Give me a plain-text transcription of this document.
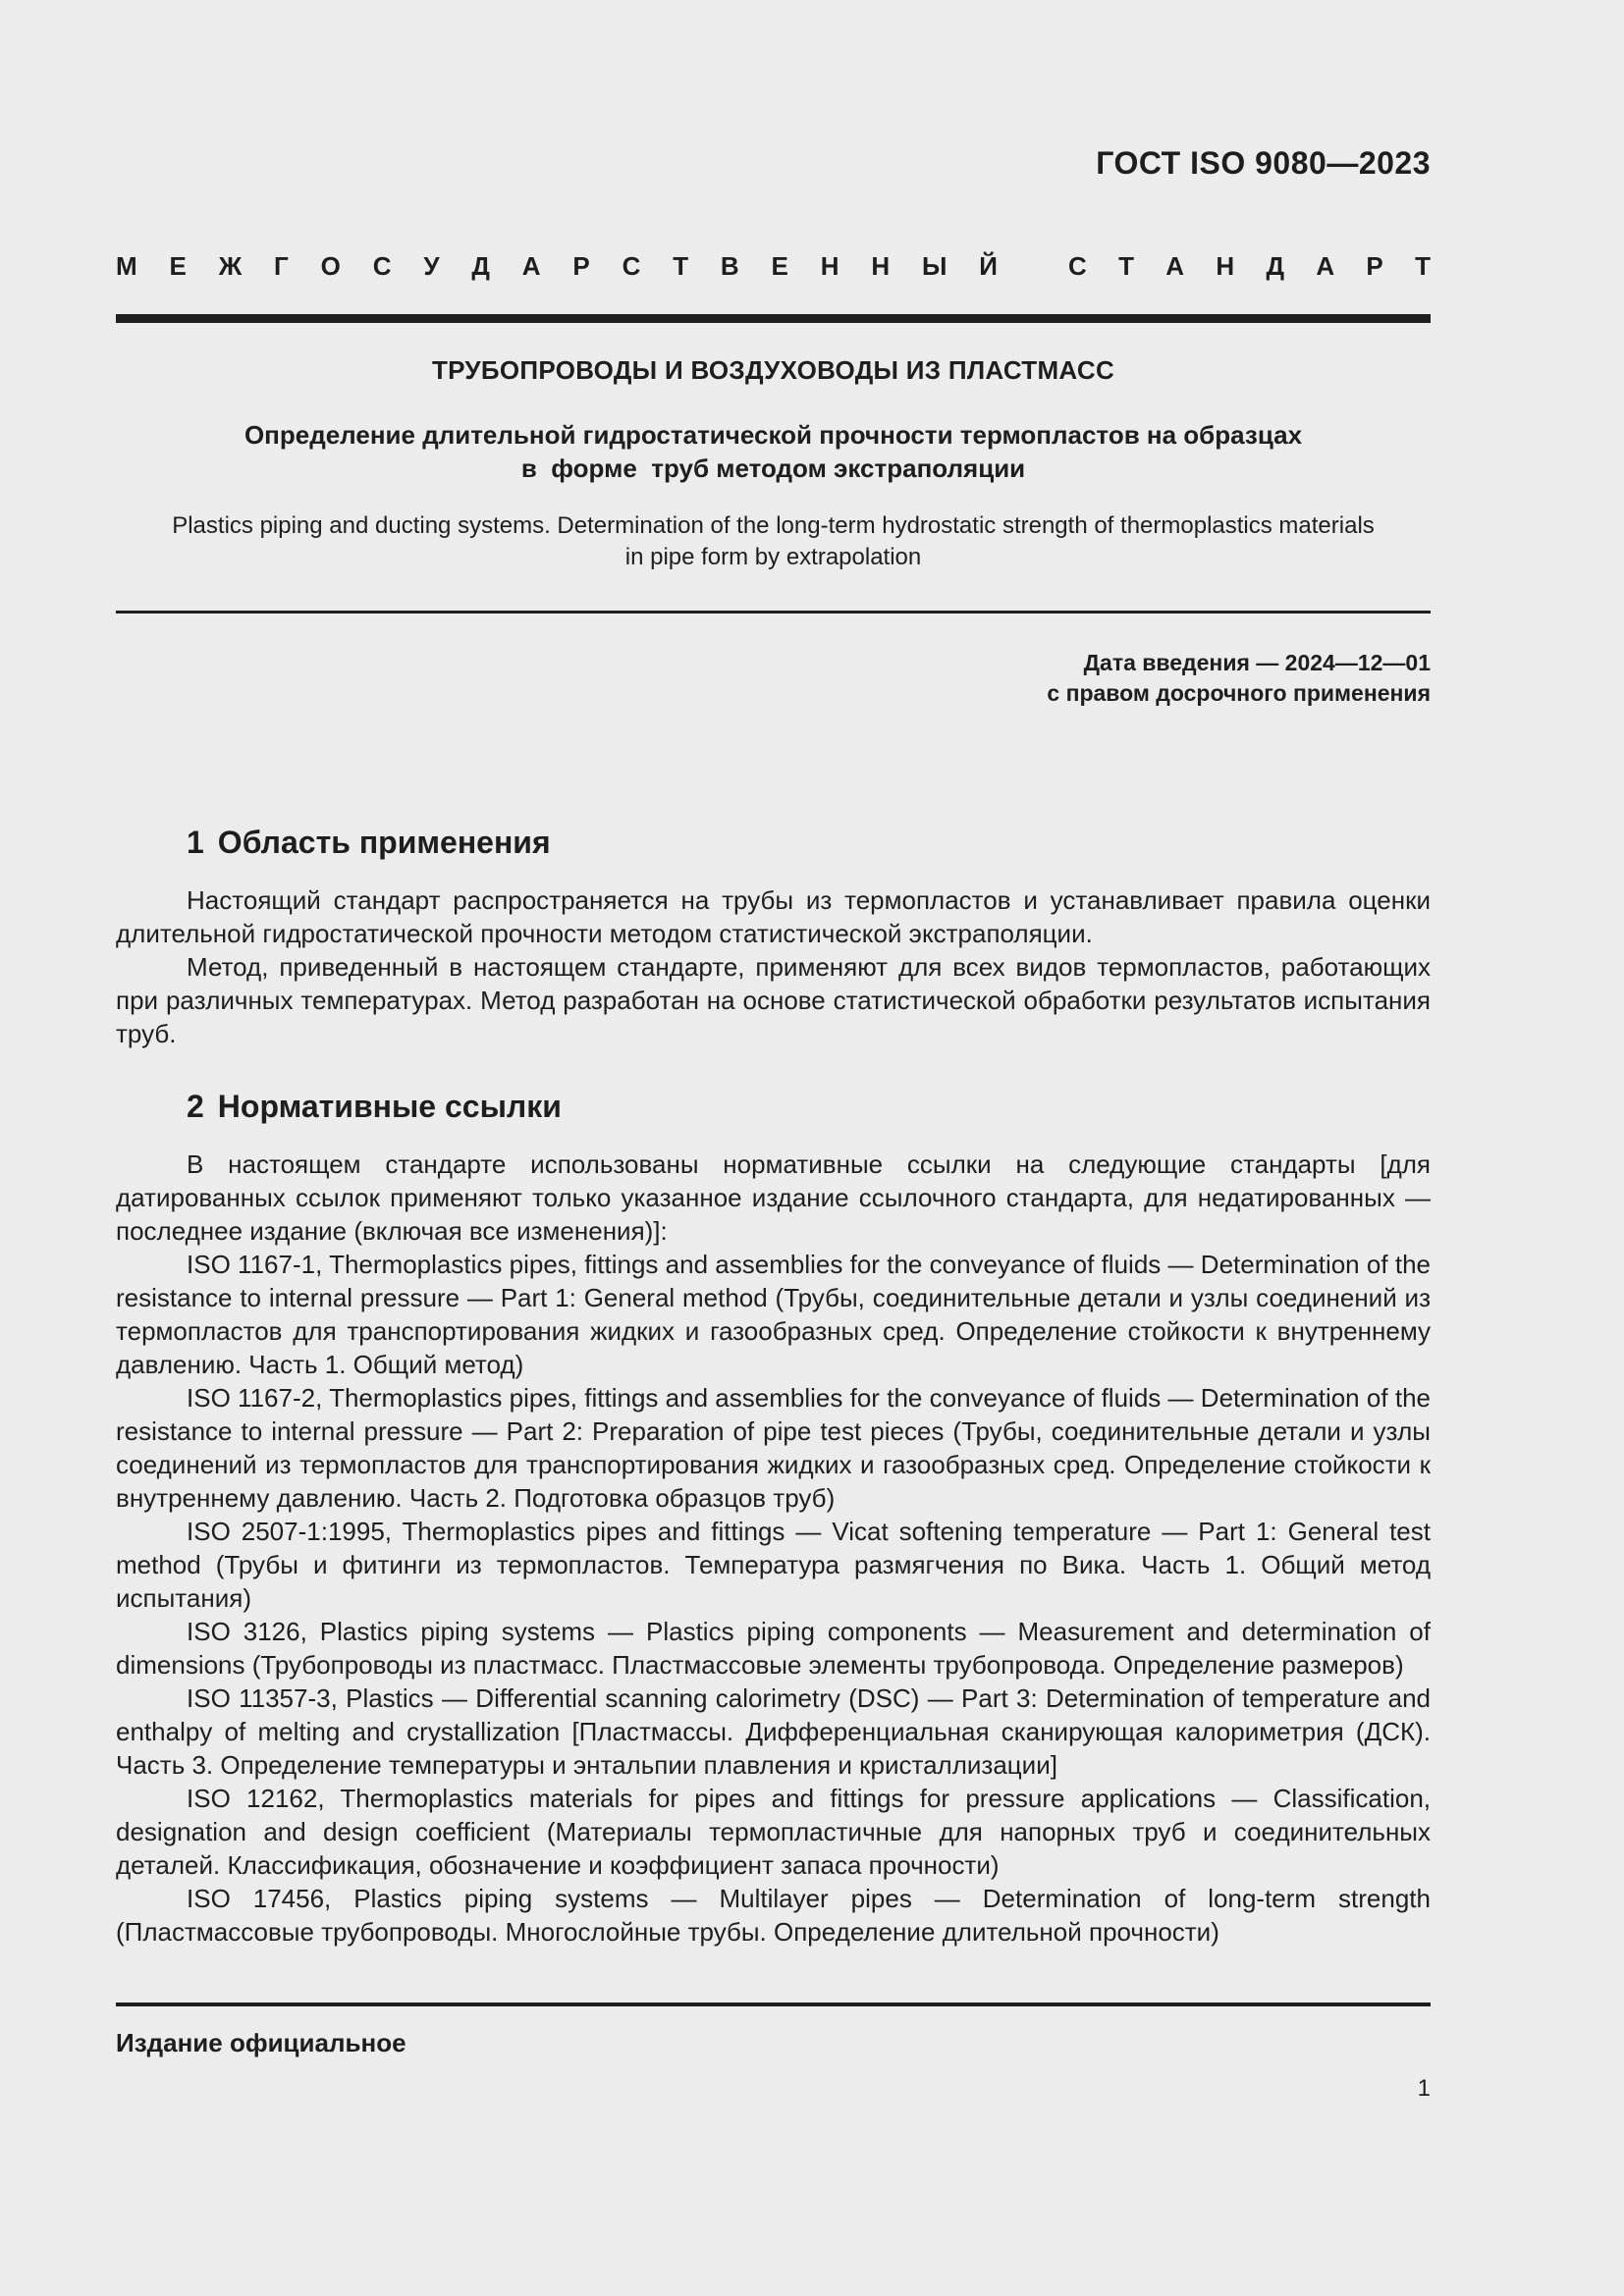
ГОСТ ISO 9080—2023
М Е Ж Г О С У Д А Р С Т В Е Н Н Ы Й	С Т А Н Д А Р Т
ТРУБОПРОВОДЫ И ВОЗДУХОВОДЫ ИЗ ПЛАСТМАСС
Определение длительной гидростатической прочности термопластов на образцах
в  форме  труб методом экстраполяции
Plastics piping and ducting systems. Determination of the long-term hydrostatic strength of thermoplastics materials
in pipe form by extrapolation
Дата введения — 2024—12—01
с правом досрочного применения
1 Область применения

Настоящий стандарт распространяется на трубы из термопластов и устанавливает правила оценки длительной гидростатической прочности методом статистической экстраполяции.

Метод, приведенный в настоящем стандарте, применяют для всех видов термопластов, работающих при различных температурах. Метод разработан на основе статистической обработки результатов испытания труб.

2 Нормативные ссылки

В настоящем стандарте использованы нормативные ссылки на следующие стандарты [для датированных ссылок применяют только указанное издание ссылочного стандарта, для недатированных — последнее издание (включая все изменения)]:

ISO 1167-1, Thermoplastics pipes, fittings and assemblies for the conveyance of fluids — Determination of the resistance to internal pressure — Part 1: General method (Трубы, соединительные детали и узлы соединений из термопластов для транспортирования жидких и газообразных сред. Определение стойкости к внутреннему давлению. Часть 1. Общий метод)

ISO 1167-2, Thermoplastics pipes, fittings and assemblies for the conveyance of fluids — Determination of the resistance to internal pressure — Part 2: Preparation of pipe test pieces (Трубы, соединительные детали и узлы соединений из термопластов для транспортирования жидких и газообразных сред. Определение стойкости к внутреннему давлению. Часть 2. Подготовка образцов труб)

ISO 2507-1:1995, Thermoplastics pipes and fittings — Vicat softening temperature — Part 1: General test method (Трубы и фитинги из термопластов. Температура размягчения по Вика. Часть 1. Общий метод испытания)

ISO 3126, Plastics piping systems — Plastics piping components — Measurement and determination of dimensions (Трубопроводы из пластмасс. Пластмассовые элементы трубопровода. Определение размеров)

ISO 11357-3, Plastics — Differential scanning calorimetry (DSC) — Part 3: Determination of temperature and enthalpy of melting and crystallization [Пластмассы. Дифференциальная сканирующая калориметрия (ДСК). Часть 3. Определение температуры и энтальпии плавления и кристаллизации]

ISO 12162, Thermoplastics materials for pipes and fittings for pressure applications — Classification, designation and design coefficient (Материалы термопластичные для напорных труб и соединительных деталей. Классификация, обозначение и коэффициент запаса прочности)

ISO 17456, Plastics piping systems — Multilayer pipes — Determination of long-term strength (Пластмассовые трубопроводы. Многослойные трубы. Определение длительной прочности)

Издание официальное
1
